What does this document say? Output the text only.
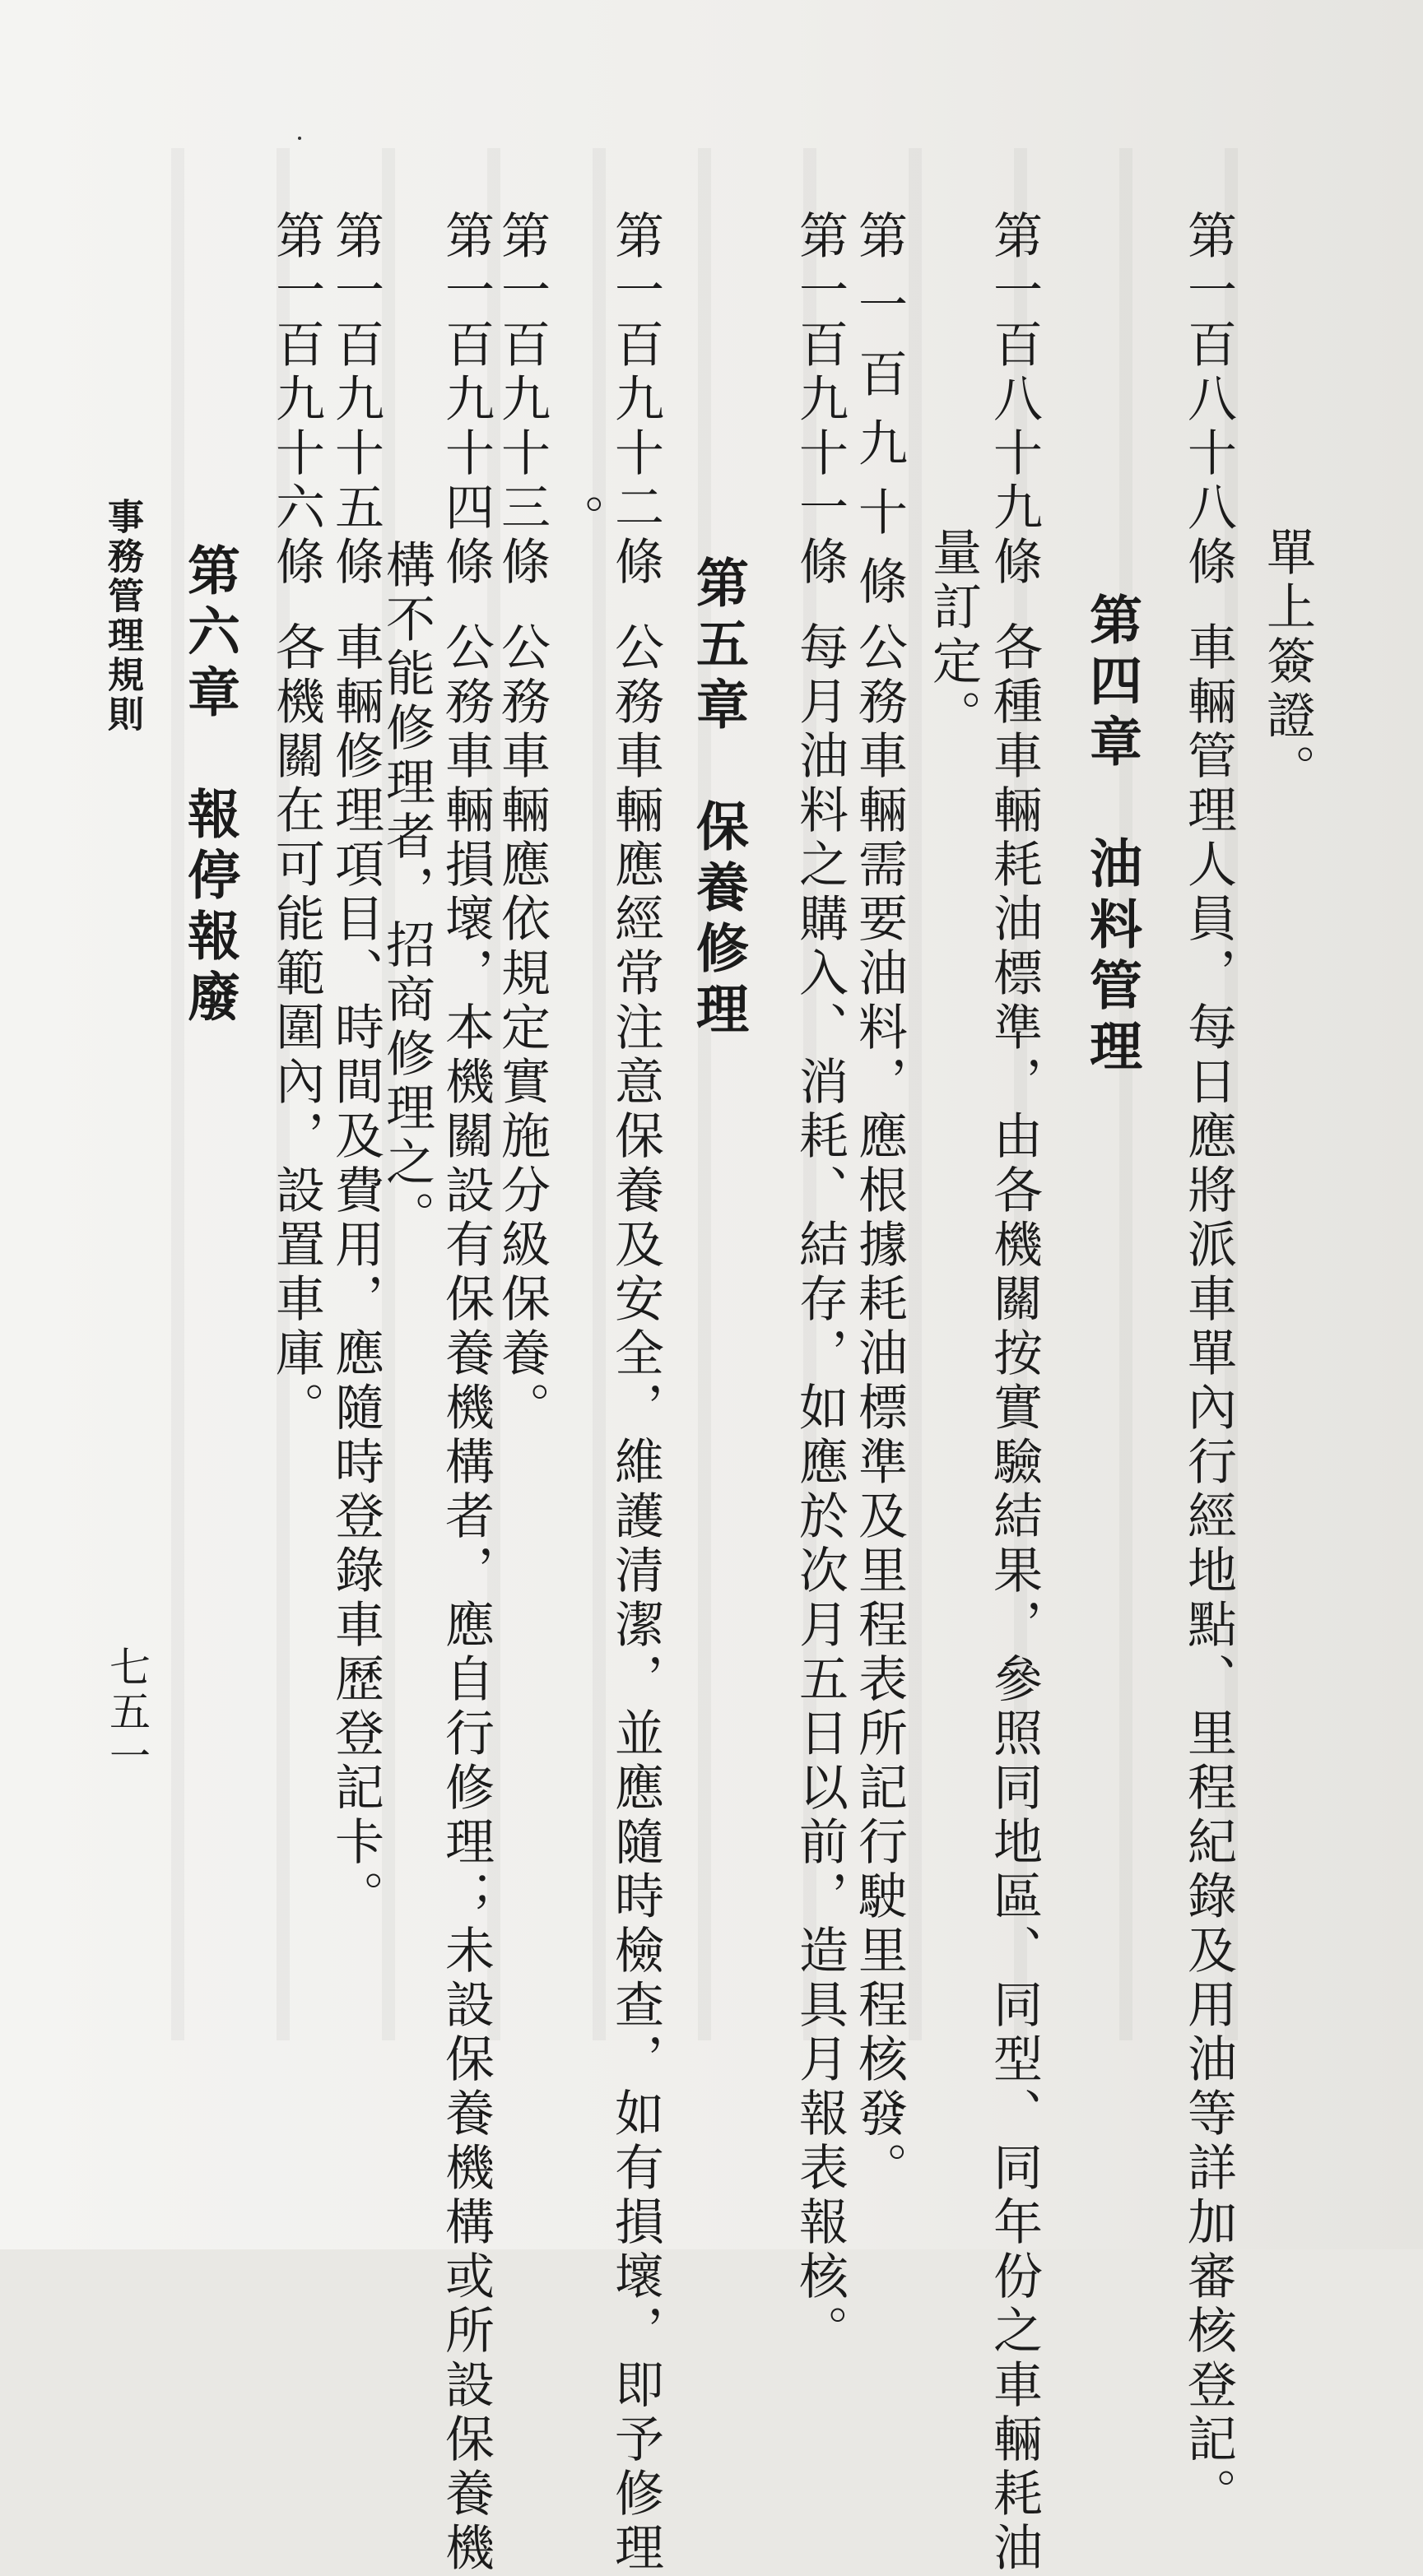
單上簽證。
第一百八十八條
車輛管理人員，每日應將派車單內行經地點、里程紀錄及用油等詳加審核登記。
第四章　油料管理
第一百八十九條
各種車輛耗油標準，由各機關按實驗結果，參照同地區、同型、同年份之車輛耗油
量訂定。
第一百九十條
公務車輛需要油料，應根據耗油標準及里程表所記行駛里程核發。
第一百九十一條
每月油料之購入、消耗、結存，如應於次月五日以前，造具月報表報核。
第五章　保養修理
第一百九十二條
公務車輛應經常注意保養及安全，維護清潔，並應隨時檢查，如有損壞，即予修理
。
第一百九十三條
公務車輛應依規定實施分級保養。
第一百九十四條
公務車輛損壞，本機關設有保養機構者，應自行修理；未設保養機構或所設保養機
構不能修理者，招商修理之。
第一百九十五條
車輛修理項目、時間及費用，應隨時登錄車歷登記卡。
第一百九十六條
各機關在可能範圍內，設置車庫。
第六章　報停報廢
事務管理規則
七五一
